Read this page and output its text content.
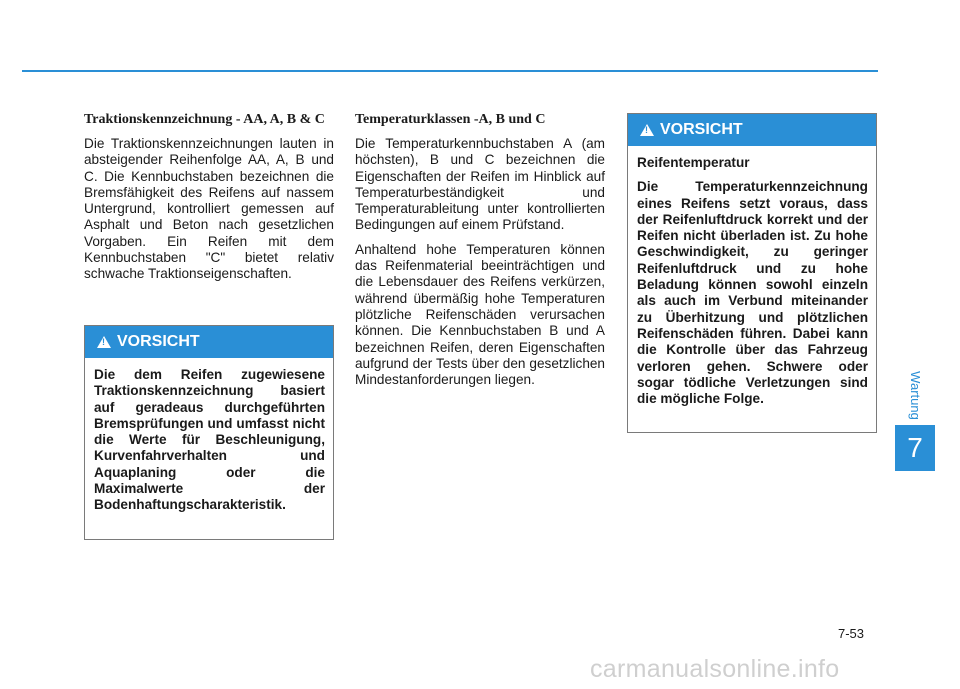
Traktionskennzeichnung - AA, A, B & C

Die Traktionskennzeichnungen lauten in absteigender Reihenfolge AA, A, B und C. Die Kennbuchstaben bezeichnen die Bremsfähigkeit des Reifens auf nassem Untergrund, kontrolliert gemessen auf Asphalt und Beton nach gesetzlichen Vorgaben. Ein Reifen mit dem Kennbuchstaben "C" bietet relativ schwache Traktionseigenschaften.

Temperaturklassen -A, B und C

Die Temperaturkennbuchstaben A (am höchsten), B und C bezeichnen die Eigenschaften der Reifen im Hinblick auf Temperaturbeständigkeit und Temperaturableitung unter kontrollierten Bedingungen auf einem Prüfstand.

Anhaltend hohe Temperaturen können das Reifenmaterial beeinträchtigen und die Lebensdauer des Reifens verkürzen, während übermäßig hohe Temperaturen plötzliche Reifenschäden verursachen können. Die Kennbuchstaben B und A bezeichnen Reifen, deren Eigenschaften aufgrund der Tests über den gesetzlichen Mindestanforderungen liegen.

!
VORSICHT

Die dem Reifen zugewiesene Traktionskennzeichnung basiert auf geradeaus durchgeführten Bremsprüfungen und umfasst nicht die Werte für Beschleunigung, Kurvenfahrverhalten und Aquaplaning oder die Maximalwerte der Bodenhaftungscharakteristik.

!
VORSICHT

Reifentemperatur

Die Temperaturkennzeichnung eines Reifens setzt voraus, dass der Reifenluftdruck korrekt und der Reifen nicht überladen ist. Zu hohe Geschwindigkeit, zu geringer Reifenluftdruck und zu hohe Beladung können sowohl einzeln als auch im Verbund miteinander zu Überhitzung und plötzlichen Reifenschäden führen. Dabei kann die Kontrolle über das Fahrzeug verloren gehen. Schwere oder sogar tödliche Verletzungen sind die mögliche Folge.	Wartung
7
7-53
carmanualsonline.info
